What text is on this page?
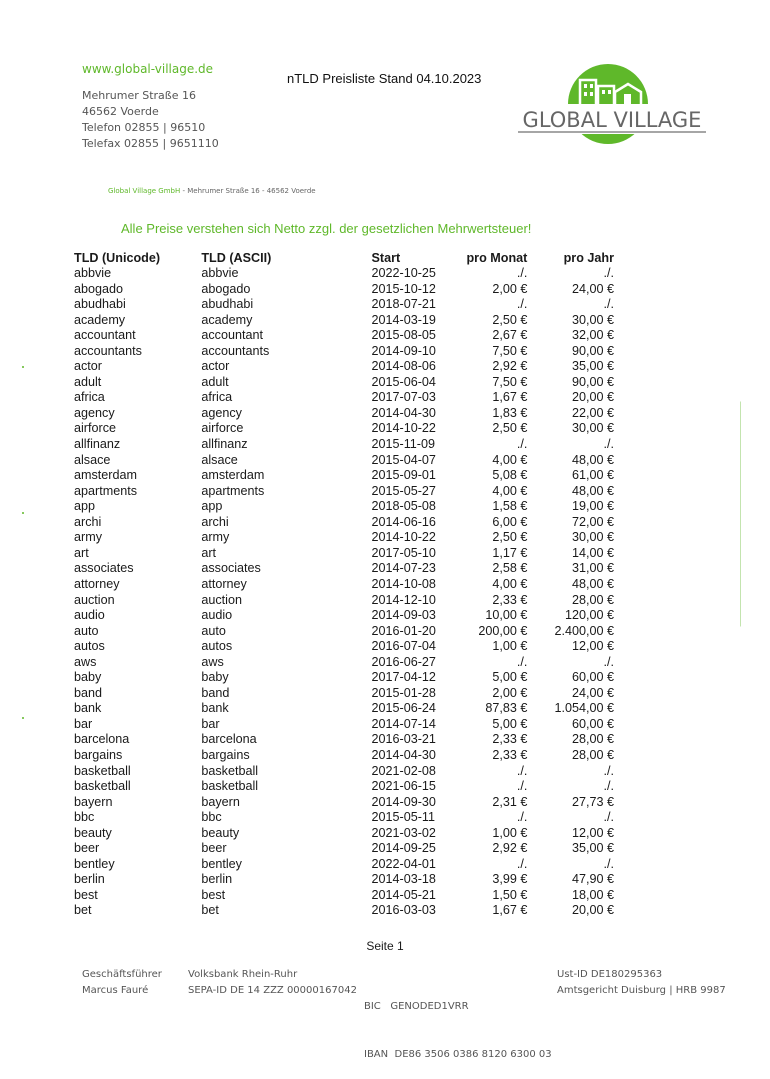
www.global-village.de
Mehrumer Straße 16
46562 Voerde
Telefon 02855 | 96510
Telefax 02855 | 9651110
nTLD Preisliste Stand 04.10.2023
GLOBAL VILLAGE
Global Village GmbH - Mehrumer Straße 16 - 46562 Voerde
Alle Preise verstehen sich Netto zzgl. der gesetzlichen Mehrwertsteuer!
TLD (Unicode)	TLD (ASCII)	Start	pro Monat	pro Jahr
abbvie	abbvie	2022-10-25	./.	./.
abogado	abogado	2015-10-12	2,00 €	24,00 €
abudhabi	abudhabi	2018-07-21	./.	./.
academy	academy	2014-03-19	2,50 €	30,00 €
accountant	accountant	2015-08-05	2,67 €	32,00 €
accountants	accountants	2014-09-10	7,50 €	90,00 €
actor	actor	2014-08-06	2,92 €	35,00 €
adult	adult	2015-06-04	7,50 €	90,00 €
africa	africa	2017-07-03	1,67 €	20,00 €
agency	agency	2014-04-30	1,83 €	22,00 €
airforce	airforce	2014-10-22	2,50 €	30,00 €
allfinanz	allfinanz	2015-11-09	./.	./.
alsace	alsace	2015-04-07	4,00 €	48,00 €
amsterdam	amsterdam	2015-09-01	5,08 €	61,00 €
apartments	apartments	2015-05-27	4,00 €	48,00 €
app	app	2018-05-08	1,58 €	19,00 €
archi	archi	2014-06-16	6,00 €	72,00 €
army	army	2014-10-22	2,50 €	30,00 €
art	art	2017-05-10	1,17 €	14,00 €
associates	associates	2014-07-23	2,58 €	31,00 €
attorney	attorney	2014-10-08	4,00 €	48,00 €
auction	auction	2014-12-10	2,33 €	28,00 €
audio	audio	2014-09-03	10,00 €	120,00 €
auto	auto	2016-01-20	200,00 €	2.400,00 €
autos	autos	2016-07-04	1,00 €	12,00 €
aws	aws	2016-06-27	./.	./.
baby	baby	2017-04-12	5,00 €	60,00 €
band	band	2015-01-28	2,00 €	24,00 €
bank	bank	2015-06-24	87,83 €	1.054,00 €
bar	bar	2014-07-14	5,00 €	60,00 €
barcelona	barcelona	2016-03-21	2,33 €	28,00 €
bargains	bargains	2014-04-30	2,33 €	28,00 €
basketball	basketball	2021-02-08	./.	./.
basketball	basketball	2021-06-15	./.	./.
bayern	bayern	2014-09-30	2,31 €	27,73 €
bbc	bbc	2015-05-11	./.	./.
beauty	beauty	2021-03-02	1,00 €	12,00 €
beer	beer	2014-09-25	2,92 €	35,00 €
bentley	bentley	2022-04-01	./.	./.
berlin	berlin	2014-03-18	3,99 €	47,90 €
best	best	2014-05-21	1,50 €	18,00 €
bet	bet	2016-03-03	1,67 €	20,00 €
Seite 1
Geschäftsführer
Marcus Fauré
Volksbank Rhein-Ruhr
SEPA-ID DE 14 ZZZ 00000167042

BIC   GENODED1VRR

IBAN  DE86 3506 0386 8120 6300 03

Ust-ID DE180295363
Amtsgericht Duisburg | HRB 9987
